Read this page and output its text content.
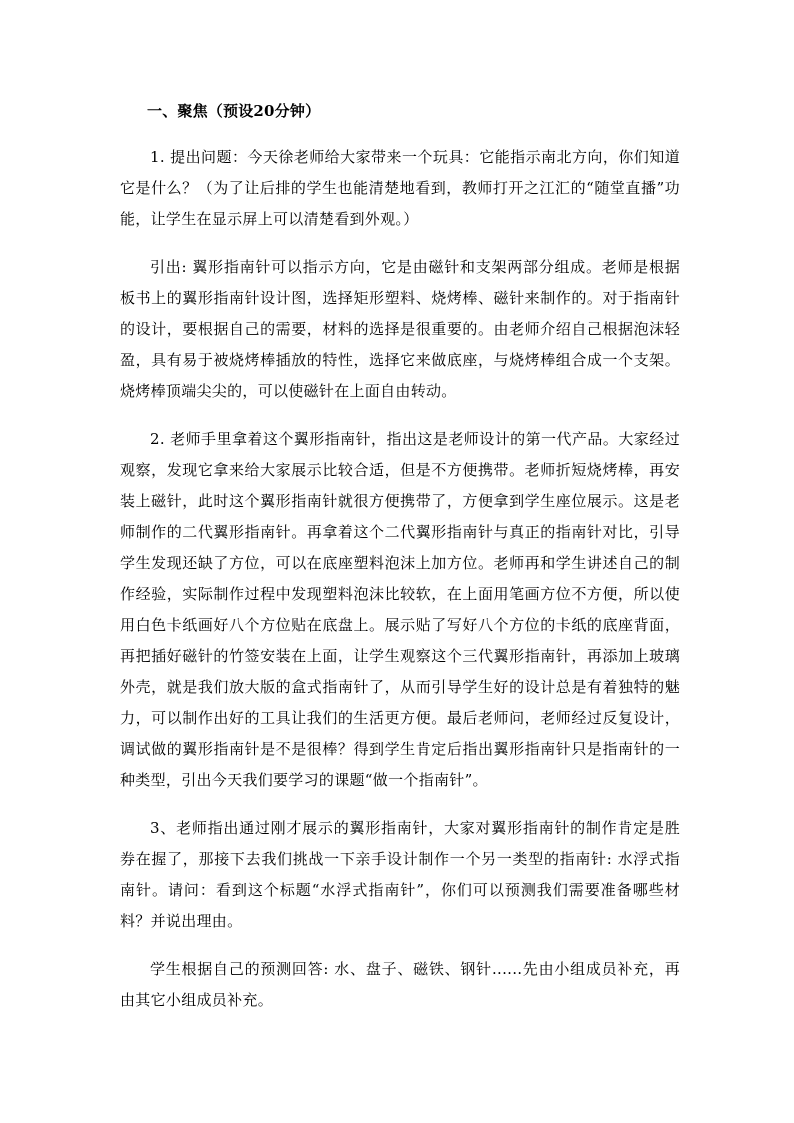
一、聚焦（预设20分钟）

1. 提出问题：今天徐老师给大家带来一个玩具：它能指示南北方向，你们知道它是什么？（为了让后排的学生也能清楚地看到，教师打开之江汇的“随堂直播”功能，让学生在显示屏上可以清楚看到外观。）

引出: 翼形指南针可以指示方向，它是由磁针和支架两部分组成。老师是根据板书上的翼形指南针设计图，选择矩形塑料、烧烤棒、磁针来制作的。对于指南针的设计，要根据自己的需要，材料的选择是很重要的。由老师介绍自己根据泡沫轻盈，具有易于被烧烤棒插放的特性，选择它来做底座，与烧烤棒组合成一个支架。烧烤棒顶端尖尖的，可以使磁针在上面自由转动。

2. 老师手里拿着这个翼形指南针，指出这是老师设计的第一代产品。大家经过观察，发现它拿来给大家展示比较合适，但是不方便携带。老师折短烧烤棒，再安装上磁针，此时这个翼形指南针就很方便携带了，方便拿到学生座位展示。这是老师制作的二代翼形指南针。再拿着这个二代翼形指南针与真正的指南针对比，引导学生发现还缺了方位，可以在底座塑料泡沫上加方位。老师再和学生讲述自己的制作经验，实际制作过程中发现塑料泡沫比较软，在上面用笔画方位不方便，所以使用白色卡纸画好八个方位贴在底盘上。展示贴了写好八个方位的卡纸的底座背面，再把插好磁针的竹签安装在上面，让学生观察这个三代翼形指南针，再添加上玻璃外壳，就是我们放大版的盒式指南针了，从而引导学生好的设计总是有着独特的魅力，可以制作出好的工具让我们的生活更方便。最后老师问，老师经过反复设计，调试做的翼形指南针是不是很棒？得到学生肯定后指出翼形指南针只是指南针的一种类型，引出今天我们要学习的课题“做一个指南针”。

3、老师指出通过刚才展示的翼形指南针，大家对翼形指南针的制作肯定是胜券在握了，那接下去我们挑战一下亲手设计制作一个另一类型的指南针: 水浮式指南针。请问：看到这个标题“水浮式指南针”，你们可以预测我们需要准备哪些材料？并说出理由。

学生根据自己的预测回答: 水、盘子、磁铁、钢针......先由小组成员补充，再由其它小组成员补充。
